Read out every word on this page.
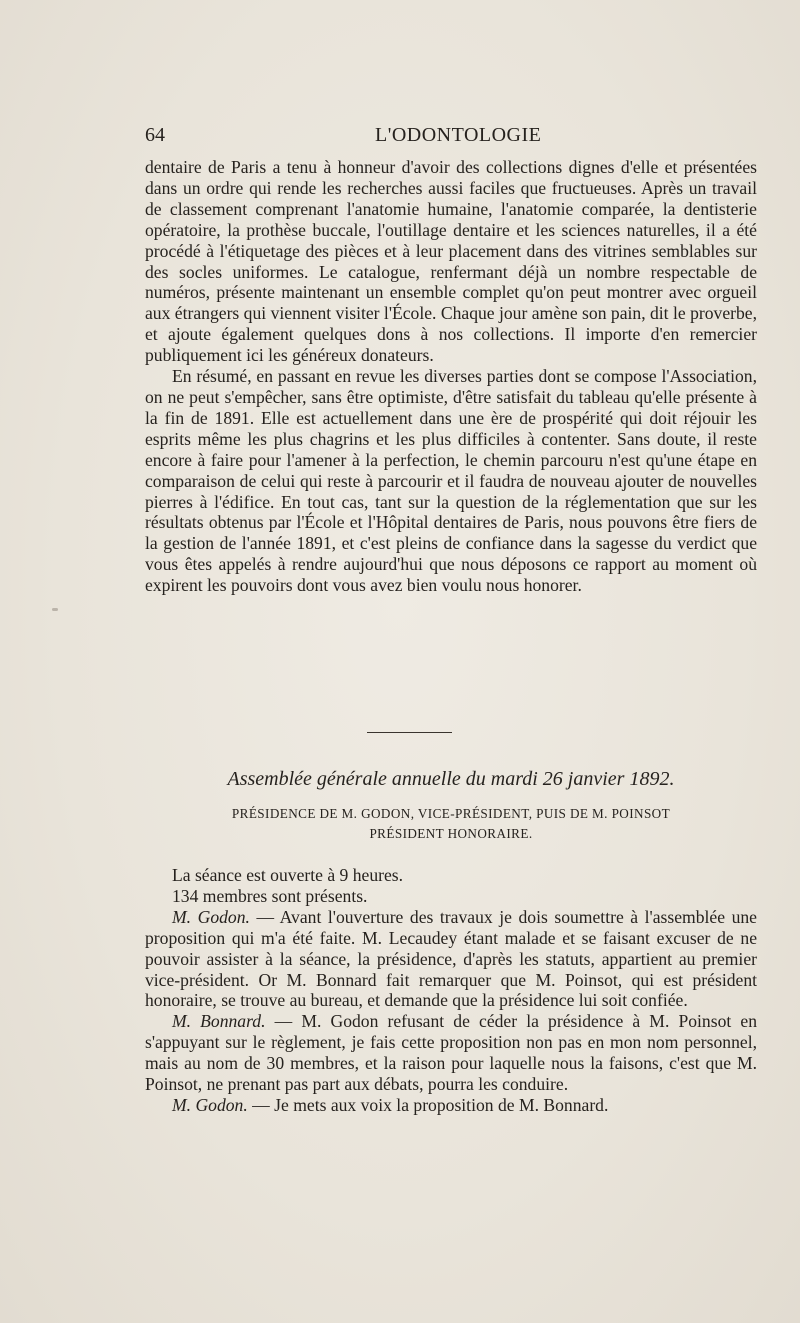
64	L'ODONTOLOGIE

dentaire de Paris a tenu à honneur d'avoir des collections dignes d'elle et présentées dans un ordre qui rende les recherches aussi faciles que fructueuses. Après un travail de classement comprenant l'anatomie humaine, l'anatomie comparée, la dentisterie opératoire, la prothèse buccale, l'outillage dentaire et les sciences naturelles, il a été procédé à l'étiquetage des pièces et à leur placement dans des vitrines semblables sur des socles uniformes. Le catalogue, renfermant déjà un nombre respectable de numéros, présente maintenant un ensemble complet qu'on peut montrer avec orgueil aux étrangers qui viennent visiter l'École. Chaque jour amène son pain, dit le proverbe, et ajoute également quelques dons à nos collections. Il importe d'en remercier publiquement ici les généreux donateurs.

En résumé, en passant en revue les diverses parties dont se compose l'Association, on ne peut s'empêcher, sans être optimiste, d'être satisfait du tableau qu'elle présente à la fin de 1891. Elle est actuellement dans une ère de prospérité qui doit réjouir les esprits même les plus chagrins et les plus difficiles à contenter. Sans doute, il reste encore à faire pour l'amener à la perfection, le chemin parcouru n'est qu'une étape en comparaison de celui qui reste à parcourir et il faudra de nouveau ajouter de nouvelles pierres à l'édifice. En tout cas, tant sur la question de la réglementation que sur les résultats obtenus par l'École et l'Hôpital dentaires de Paris, nous pouvons être fiers de la gestion de l'année 1891, et c'est pleins de confiance dans la sagesse du verdict que vous êtes appelés à rendre aujourd'hui que nous déposons ce rapport au moment où expirent les pouvoirs dont vous avez bien voulu nous honorer.

Assemblée générale annuelle du mardi 26 janvier 1892.
PRÉSIDENCE DE M. GODON, VICE-PRÉSIDENT, PUIS DE M. POINSOT
PRÉSIDENT HONORAIRE.

La séance est ouverte à 9 heures.

134 membres sont présents.

M. Godon. — Avant l'ouverture des travaux je dois soumettre à l'assemblée une proposition qui m'a été faite. M. Lecaudey étant malade et se faisant excuser de ne pouvoir assister à la séance, la présidence, d'après les statuts, appartient au premier vice-président. Or M. Bonnard fait remarquer que M. Poinsot, qui est président honoraire, se trouve au bureau, et demande que la présidence lui soit confiée.

M. Bonnard. — M. Godon refusant de céder la présidence à M. Poinsot en s'appuyant sur le règlement, je fais cette proposition non pas en mon nom personnel, mais au nom de 30 membres, et la raison pour laquelle nous la faisons, c'est que M. Poinsot, ne prenant pas part aux débats, pourra les conduire.

M. Godon. — Je mets aux voix la proposition de M. Bonnard.
